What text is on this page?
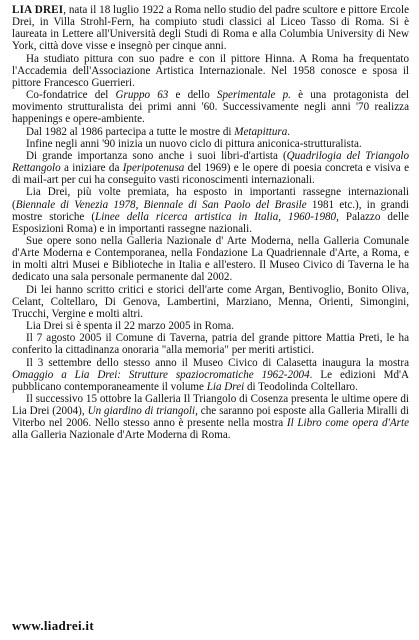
LIA DREI, nata il 18 luglio 1922 a Roma nello studio del padre scultore e pittore Ercole Drei, in Villa Strohl-Fern, ha compiuto studi classici al Liceo Tasso di Roma. Si è laureata in Lettere all'Università degli Studi di Roma e alla Columbia University di New York, città dove visse e insegnò per cinque anni.

Ha studiato pittura con suo padre e con il pittore Hinna. A Roma ha frequentato l'Accademia dell'Associazione Artistica Internazionale. Nel 1958 conosce e sposa il pittore Francesco Guerrieri.

Co-fondatrice del Gruppo 63 e dello Sperimentale p. è una protagonista del movimento strutturalista dei primi anni '60. Successivamente negli anni '70 realizza happenings e opere-ambiente.

Dal 1982 al 1986 partecipa a tutte le mostre di Metapittura.

Infine negli anni '90 inizia un nuovo ciclo di pittura aniconica-strutturalista.

Di grande importanza sono anche i suoi libri-d'artista (Quadrilogia del Triangolo Rettangolo a iniziare da Iperipotenusa del 1969) e le opere di poesia concreta e visiva e di mail-art per cui ha conseguito vasti riconoscimenti internazionali.

Lia Drei, più volte premiata, ha esposto in importanti rassegne internazionali (Biennale di Venezia 1978, Biennale di San Paolo del Brasile 1981 etc.), in grandi mostre storiche (Linee della ricerca artistica in Italia, 1960-1980, Palazzo delle Esposizioni Roma) e in importanti rassegne nazionali.

Sue opere sono nella Galleria Nazionale d' Arte Moderna, nella Galleria Comunale d'Arte Moderna e Contemporanea, nella Fondazione La Quadriennale d'Arte, a Roma, e in molti altri Musei e Biblioteche in Italia e all'estero. Il Museo Civico di Taverna le ha dedicato una sala personale permanente dal 2002.

Di lei hanno scritto critici e storici dell'arte come Argan, Bentivoglio, Bonito Oliva, Celant, Coltellaro, Di Genova, Lambertini, Marziano, Menna, Orienti, Simongini, Trucchi, Vergine e molti altri.

Lia Drei si è spenta il 22 marzo 2005 in Roma.

Il 7 agosto 2005 il Comune di Taverna, patria del grande pittore Mattia Preti, le ha conferito la cittadinanza onoraria "alla memoria" per meriti artistici.

Il 3 settembre dello stesso anno il Museo Civico di Calasetta inaugura la mostra Omaggio a Lia Drei: Strutture spaziocromatiche 1962-2004. Le edizioni Md'A pubblicano contemporaneamente il volume Lia Drei di Teodolinda Coltellaro.

Il successivo 15 ottobre la Galleria Il Triangolo di Cosenza presenta le ultime opere di Lia Drei (2004), Un giardino di triangoli, che saranno poi esposte alla Galleria Miralli di Viterbo nel 2006. Nello stesso anno è presente nella mostra Il Libro come opera d'Arte alla Galleria Nazionale d'Arte Moderna di Roma.

www.liadrei.it
